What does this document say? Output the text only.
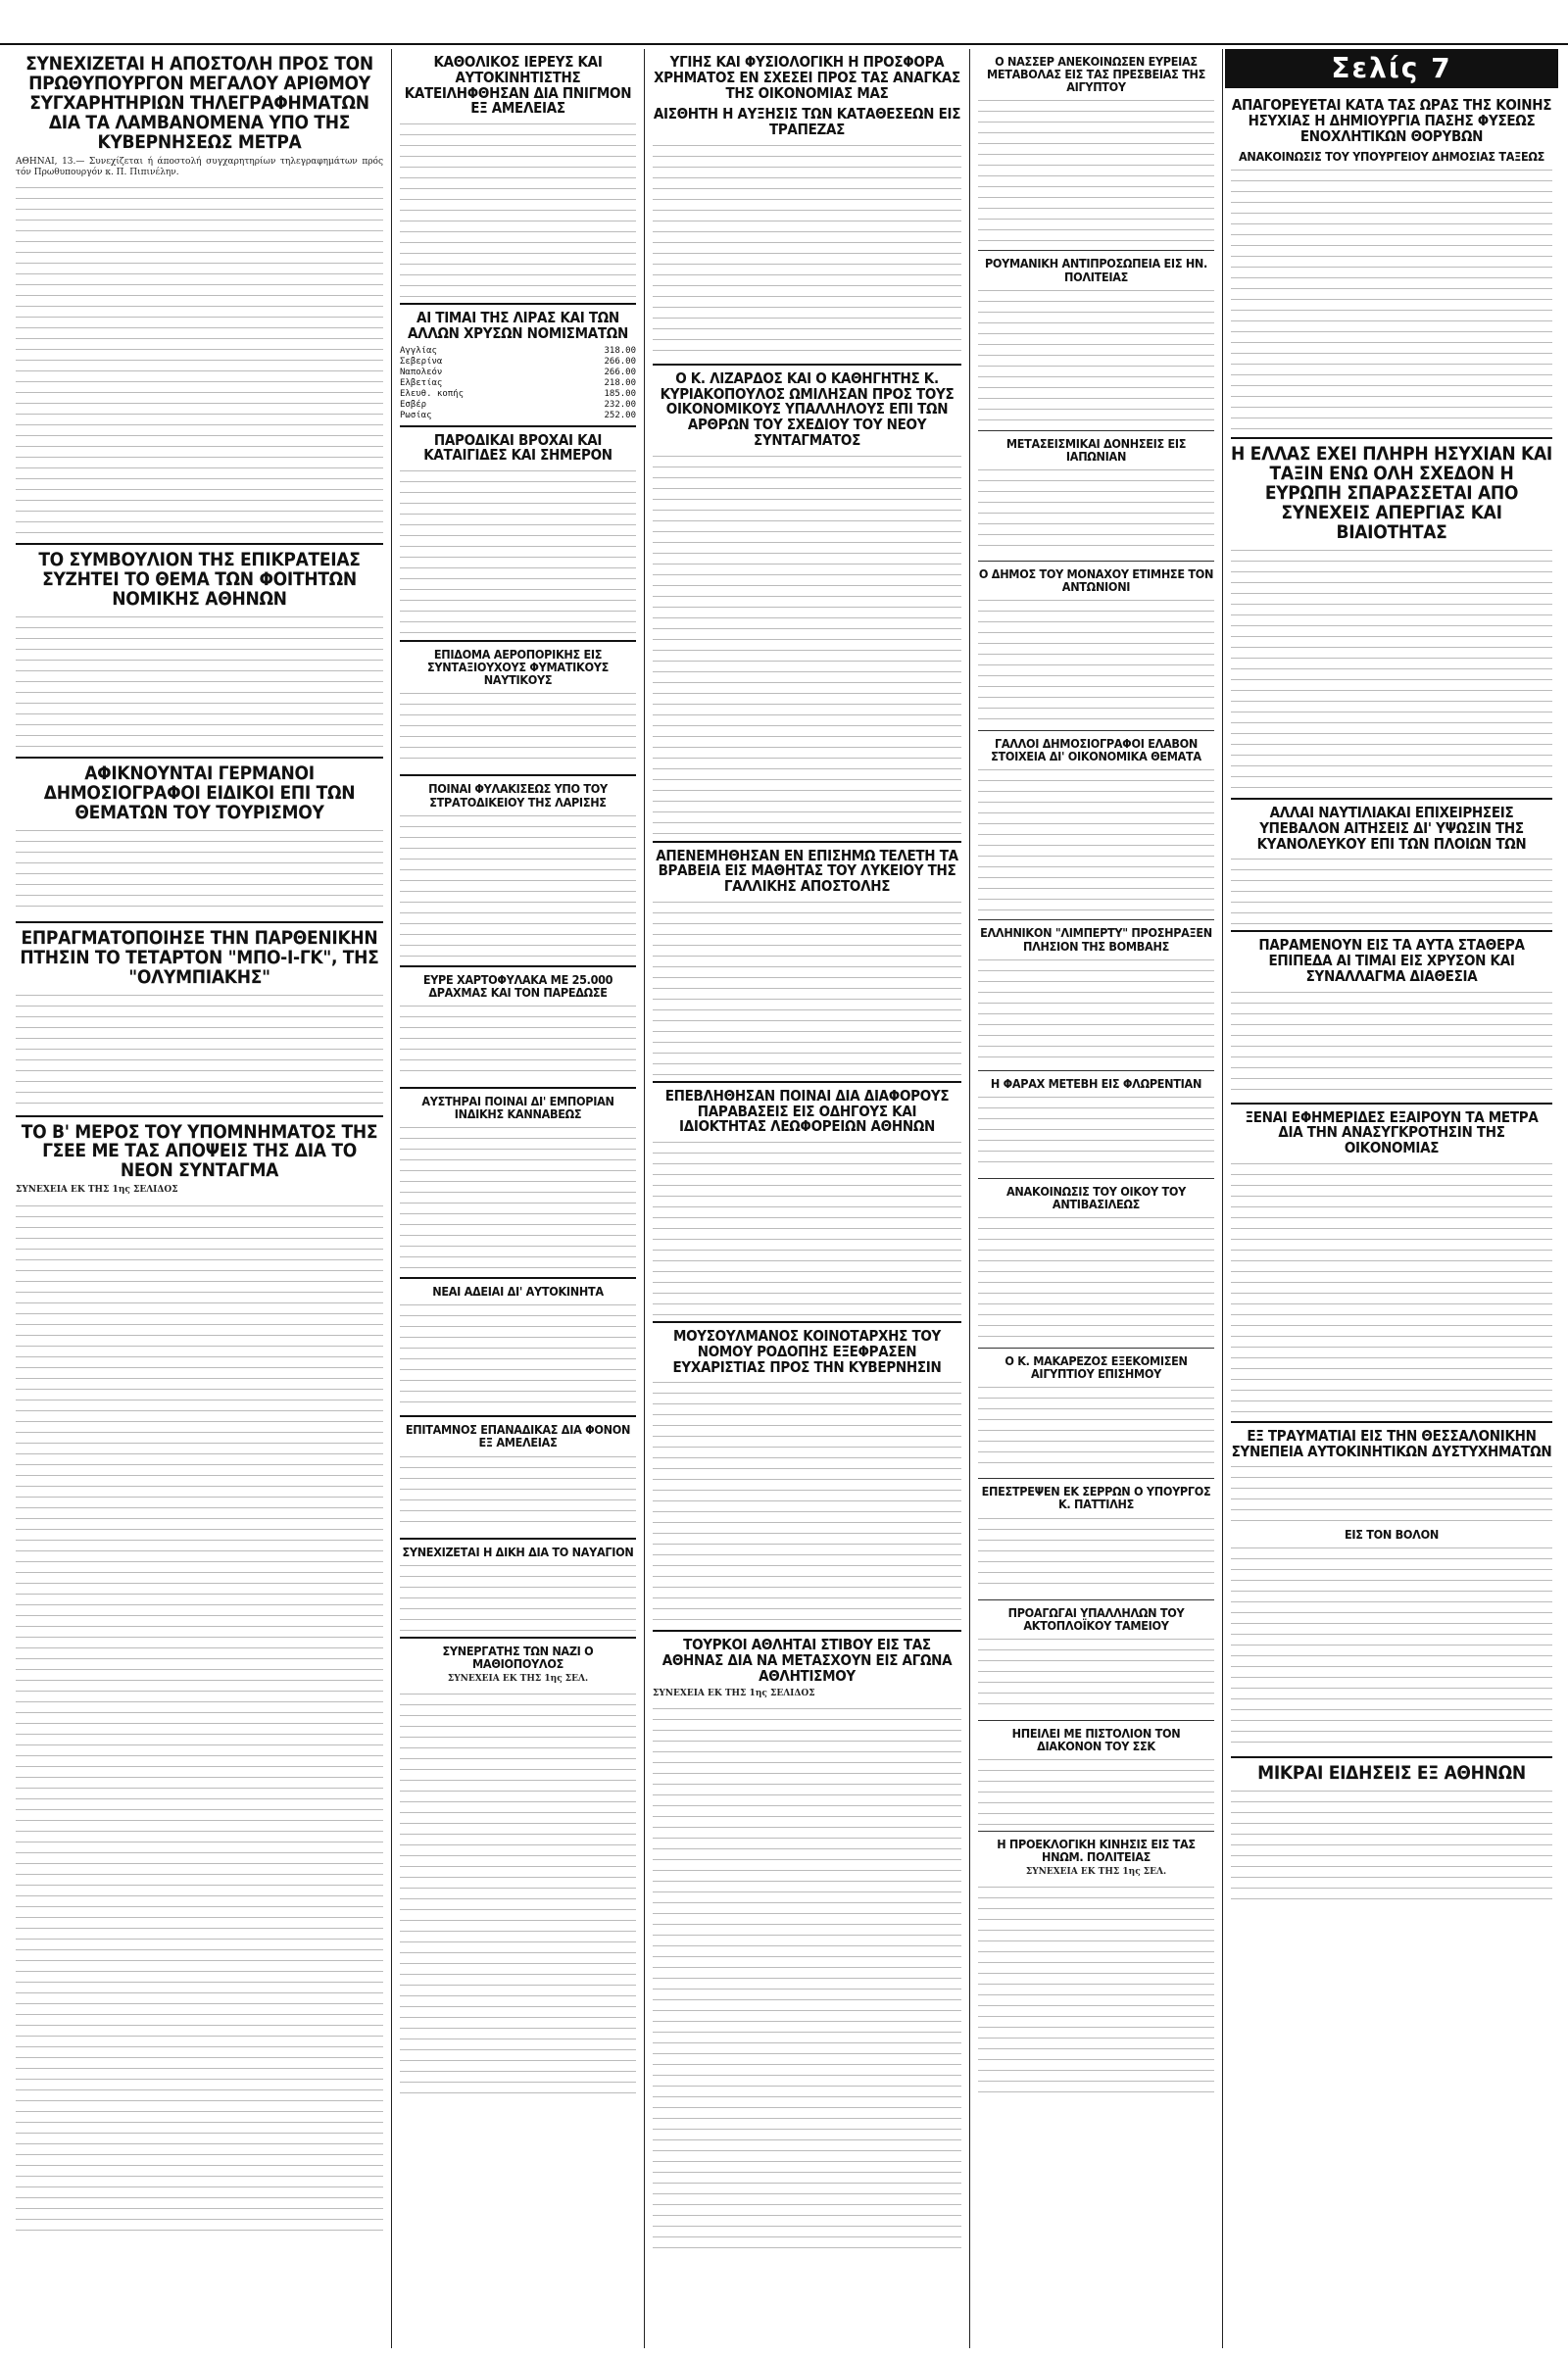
ΣΥΝΕΧΙΖΕΤΑΙ Η ΑΠΟΣΤΟΛΗ ΠΡΟΣ ΤΟΝ ΠΡΩΘΥΠΟΥΡΓΟΝ ΜΕΓΑΛΟΥ ΑΡΙΘΜΟΥ ΣΥΓΧΑΡΗΤΗΡΙΩΝ ΤΗΛΕΓΡΑΦΗΜΑΤΩΝ ΔΙΑ ΤΑ ΛΑΜΒΑΝΟΜΕΝΑ ΥΠΟ ΤΗΣ ΚΥΒΕΡΝΗΣΕΩΣ ΜΕΤΡΑ
ΑΘΗΝΑΙ, 13.— Συνεχίζεται ή άποστολή συγχαρητηρίων τηλεγραφημάτων πρός τόν Πρωθυπουργόν κ. Π. Πιπινέλην.
ΤΟ ΣΥΜΒΟΥΛΙΟΝ ΤΗΣ ΕΠΙΚΡΑΤΕΙΑΣ ΣΥΖΗΤΕΙ ΤΟ ΘΕΜΑ ΤΩΝ ΦΟΙΤΗΤΩΝ ΝΟΜΙΚΗΣ ΑΘΗΝΩΝ
ΑΦΙΚΝΟΥΝΤΑΙ ΓΕΡΜΑΝΟΙ ΔΗΜΟΣΙΟΓΡΑΦΟΙ ΕΙΔΙΚΟΙ ΕΠΙ ΤΩΝ ΘΕΜΑΤΩΝ ΤΟΥ ΤΟΥΡΙΣΜΟΥ
ΕΠΡΑΓΜΑΤΟΠΟΙΗΣΕ ΤΗΝ ΠΑΡΘΕΝΙΚΗΝ ΠΤΗΣΙΝ ΤΟ ΤΕΤΑΡΤΟΝ "ΜΠΟ-Ι-ΓΚ", ΤΗΣ "ΟΛΥΜΠΙΑΚΗΣ"
ΤΟ Β' ΜΕΡΟΣ ΤΟΥ ΥΠΟΜΝΗΜΑΤΟΣ ΤΗΣ ΓΣΕΕ ΜΕ ΤΑΣ ΑΠΟΨΕΙΣ ΤΗΣ ΔΙΑ ΤΟ ΝΕΟΝ ΣΥΝΤΑΓΜΑ
ΣΥΝΕΧΕΙΑ ΕΚ ΤΗΣ 1ης ΣΕΛΙΔΟΣ
ΚΑΘΟΛΙΚΟΣ ΙΕΡΕΥΣ ΚΑΙ ΑΥΤΟΚΙΝΗΤΙΣΤΗΣ ΚΑΤΕΙΛΗΦΘΗΣΑΝ ΔΙΑ ΠΝΙΓΜΟΝ ΕΞ ΑΜΕΛΕΙΑΣ
ΑΙ ΤΙΜΑΙ ΤΗΣ ΛΙΡΑΣ ΚΑΙ ΤΩΝ ΑΛΛΩΝ ΧΡΥΣΩΝ ΝΟΜΙΣΜΑΤΩΝ
Αγγλίας	318.00
Σεβερίνα	266.00
Ναπολεόν	266.00
Ελβετίας	218.00
Ελευθ. κοπής	185.00
Εσβέρ	232.00
Ρωσίας	252.00
ΠΑΡΟΔΙΚΑΙ ΒΡΟΧΑΙ ΚΑΙ ΚΑΤΑΙΓΙΔΕΣ ΚΑΙ ΣΗΜΕΡΟΝ
ΕΠΙΔΟΜΑ ΑΕΡΟΠΟΡΙΚΗΣ ΕΙΣ ΣΥΝΤΑΞΙΟΥΧΟΥΣ ΦΥΜΑΤΙΚΟΥΣ ΝΑΥΤΙΚΟΥΣ
ΠΟΙΝΑΙ ΦΥΛΑΚΙΣΕΩΣ ΥΠΟ ΤΟΥ ΣΤΡΑΤΟΔΙΚΕΙΟΥ ΤΗΣ ΛΑΡΙΣΗΣ
ΕΥΡΕ ΧΑΡΤΟΦΥΛΑΚΑ ΜΕ 25.000 ΔΡΑΧΜΑΣ ΚΑΙ ΤΟΝ ΠΑΡΕΔΩΣΕ
ΑΥΣΤΗΡΑΙ ΠΟΙΝΑΙ ΔΙ' ΕΜΠΟΡΙΑΝ ΙΝΔΙΚΗΣ ΚΑΝΝΑΒΕΩΣ
ΝΕΑΙ ΑΔΕΙΑΙ ΔΙ' ΑΥΤΟΚΙΝΗΤΑ
ΕΠΙΤΑΜΝΟΣ ΕΠΑΝΑΔΙΚΑΣ ΔΙΑ ΦΟΝΟΝ ΕΞ ΑΜΕΛΕΙΑΣ
ΣΥΝΕΧΙΖΕΤΑΙ Η ΔΙΚΗ ΔΙΑ ΤΟ ΝΑΥΑΓΙΟΝ
ΣΥΝΕΡΓΑΤΗΣ ΤΩΝ ΝΑΖΙ Ο ΜΑΘΙΟΠΟΥΛΟΣ
ΣΥΝΕΧΕΙΑ ΕΚ ΤΗΣ 1ης ΣΕΛ.
ΥΓΙΗΣ ΚΑΙ ΦΥΣΙΟΛΟΓΙΚΗ Η ΠΡΟΣΦΟΡΑ ΧΡΗΜΑΤΟΣ ΕΝ ΣΧΕΣΕΙ ΠΡΟΣ ΤΑΣ ΑΝΑΓΚΑΣ ΤΗΣ ΟΙΚΟΝΟΜΙΑΣ ΜΑΣ
ΑΙΣΘΗΤΗ Η ΑΥΞΗΣΙΣ ΤΩΝ ΚΑΤΑΘΕΣΕΩΝ ΕΙΣ ΤΡΑΠΕΖΑΣ
Ο Κ. ΛΙΖΑΡΔΟΣ ΚΑΙ Ο ΚΑΘΗΓΗΤΗΣ Κ. ΚΥΡΙΑΚΟΠΟΥΛΟΣ ΩΜΙΛΗΣΑΝ ΠΡΟΣ ΤΟΥΣ ΟΙΚΟΝΟΜΙΚΟΥΣ ΥΠΑΛΛΗΛΟΥΣ ΕΠΙ ΤΩΝ ΑΡΘΡΩΝ ΤΟΥ ΣΧΕΔΙΟΥ ΤΟΥ ΝΕΟΥ ΣΥΝΤΑΓΜΑΤΟΣ
ΑΠΕΝΕΜΗΘΗΣΑΝ ΕΝ ΕΠΙΣΗΜΩ ΤΕΛΕΤΗ ΤΑ ΒΡΑΒΕΙΑ ΕΙΣ ΜΑΘΗΤΑΣ ΤΟΥ ΛΥΚΕΙΟΥ ΤΗΣ ΓΑΛΛΙΚΗΣ ΑΠΟΣΤΟΛΗΣ
ΕΠΕΒΛΗΘΗΣΑΝ ΠΟΙΝΑΙ ΔΙΑ ΔΙΑΦΟΡΟΥΣ ΠΑΡΑΒΑΣΕΙΣ ΕΙΣ ΟΔΗΓΟΥΣ ΚΑΙ ΙΔΙΟΚΤΗΤΑΣ ΛΕΩΦΟΡΕΙΩΝ ΑΘΗΝΩΝ
ΜΟΥΣΟΥΛΜΑΝΟΣ ΚΟΙΝΟΤΑΡΧΗΣ ΤΟΥ ΝΟΜΟΥ ΡΟΔΟΠΗΣ ΕΞΕΦΡΑΣΕΝ ΕΥΧΑΡΙΣΤΙΑΣ ΠΡΟΣ ΤΗΝ ΚΥΒΕΡΝΗΣΙΝ
ΤΟΥΡΚΟΙ ΑΘΛΗΤΑΙ ΣΤΙΒΟΥ ΕΙΣ ΤΑΣ ΑΘΗΝΑΣ ΔΙΑ ΝΑ ΜΕΤΑΣΧΟΥΝ ΕΙΣ ΑΓΩΝΑ ΑΘΛΗΤΙΣΜΟΥ
ΣΥΝΕΧΕΙΑ ΕΚ ΤΗΣ 1ης ΣΕΛΙΔΟΣ
Ο ΝΑΣΣΕΡ ΑΝΕΚΟΙΝΩΣΕΝ ΕΥΡΕΙΑΣ ΜΕΤΑΒΟΛΑΣ ΕΙΣ ΤΑΣ ΠΡΕΣΒΕΙΑΣ ΤΗΣ ΑΙΓΥΠΤΟΥ
ΡΟΥΜΑΝΙΚΗ ΑΝΤΙΠΡΟΣΩΠΕΙΑ ΕΙΣ ΗΝ. ΠΟΛΙΤΕΙΑΣ
ΜΕΤΑΣΕΙΣΜΙΚΑΙ ΔΟΝΗΣΕΙΣ ΕΙΣ ΙΑΠΩΝΙΑΝ
Ο ΔΗΜΟΣ ΤΟΥ ΜΟΝΑΧΟΥ ΕΤΙΜΗΣΕ ΤΟΝ ΑΝΤΩΝΙΟΝΙ
ΓΑΛΛΟΙ ΔΗΜΟΣΙΟΓΡΑΦΟΙ ΕΛΑΒΟΝ ΣΤΟΙΧΕΙΑ ΔΙ' ΟΙΚΟΝΟΜΙΚΑ ΘΕΜΑΤΑ
ΕΛΛΗΝΙΚΟΝ "ΛΙΜΠΕΡΤΥ" ΠΡΟΣΗΡΑΞΕΝ ΠΛΗΣΙΟΝ ΤΗΣ ΒΟΜΒΑΗΣ
Η ΦΑΡΑΧ ΜΕΤΕΒΗ ΕΙΣ ΦΛΩΡΕΝΤΙΑΝ
ΑΝΑΚΟΙΝΩΣΙΣ ΤΟΥ ΟΙΚΟΥ ΤΟΥ ΑΝΤΙΒΑΣΙΛΕΩΣ
Ο Κ. ΜΑΚΑΡΕΖΟΣ ΕΞΕΚΟΜΙΣΕΝ ΑΙΓΥΠΤΙΟΥ ΕΠΙΣΗΜΟΥ
ΕΠΕΣΤΡΕΨΕΝ ΕΚ ΣΕΡΡΩΝ Ο ΥΠΟΥΡΓΟΣ Κ. ΠΑΤΤΙΛΗΣ
ΠΡΟΑΓΩΓΑΙ ΥΠΑΛΛΗΛΩΝ ΤΟΥ ΑΚΤΟΠΛΟΪΚΟΥ ΤΑΜΕΙΟΥ
ΗΠΕΙΛΕΙ ΜΕ ΠΙΣΤΟΛΙΟΝ ΤΟΝ ΔΙΑΚΟΝΟΝ ΤΟΥ ΣΣΚ
Η ΠΡΟΕΚΛΟΓΙΚΗ ΚΙΝΗΣΙΣ ΕΙΣ ΤΑΣ ΗΝΩΜ. ΠΟΛΙΤΕΙΑΣ
ΣΥΝΕΧΕΙΑ ΕΚ ΤΗΣ 1ης ΣΕΛ.
ΑΠΑΓΟΡΕΥΕΤΑΙ ΚΑΤΑ ΤΑΣ ΩΡΑΣ ΤΗΣ ΚΟΙΝΗΣ ΗΣΥΧΙΑΣ Η ΔΗΜΙΟΥΡΓΙΑ ΠΑΣΗΣ ΦΥΣΕΩΣ ΕΝΟΧΛΗΤΙΚΩΝ ΘΟΡΥΒΩΝ
ΑΝΑΚΟΙΝΩΣΙΣ ΤΟΥ ΥΠΟΥΡΓΕΙΟΥ ΔΗΜΟΣΙΑΣ ΤΑΞΕΩΣ
Η ΕΛΛΑΣ ΕΧΕΙ ΠΛΗΡΗ ΗΣΥΧΙΑΝ ΚΑΙ ΤΑΞΙΝ ΕΝΩ ΟΛΗ ΣΧΕΔΟΝ Η ΕΥΡΩΠΗ ΣΠΑΡΑΣΣΕΤΑΙ ΑΠΟ ΣΥΝΕΧΕΙΣ ΑΠΕΡΓΙΑΣ ΚΑΙ ΒΙΑΙΟΤΗΤΑΣ
ΑΛΛΑΙ ΝΑΥΤΙΛΙΑΚΑΙ ΕΠΙΧΕΙΡΗΣΕΙΣ ΥΠΕΒΑΛΟΝ ΑΙΤΗΣΕΙΣ ΔΙ' ΥΨΩΣΙΝ ΤΗΣ ΚΥΑΝΟΛΕΥΚΟΥ ΕΠΙ ΤΩΝ ΠΛΟΙΩΝ ΤΩΝ
ΠΑΡΑΜΕΝΟΥΝ ΕΙΣ ΤΑ ΑΥΤΑ ΣΤΑΘΕΡΑ ΕΠΙΠΕΔΑ ΑΙ ΤΙΜΑΙ ΕΙΣ ΧΡΥΣΟΝ ΚΑΙ ΣΥΝΑΛΛΑΓΜΑ ΔΙΑΘΕΣΙΑ
ΞΕΝΑΙ ΕΦΗΜΕΡΙΔΕΣ ΕΞΑΙΡΟΥΝ ΤΑ ΜΕΤΡΑ ΔΙΑ ΤΗΝ ΑΝΑΣΥΓΚΡΟΤΗΣΙΝ ΤΗΣ ΟΙΚΟΝΟΜΙΑΣ
ΕΞ ΤΡΑΥΜΑΤΙΑΙ ΕΙΣ ΤΗΝ ΘΕΣΣΑΛΟΝΙΚΗΝ ΣΥΝΕΠΕΙΑ ΑΥΤΟΚΙΝΗΤΙΚΩΝ ΔΥΣΤΥΧΗΜΑΤΩΝ
ΕΙΣ ΤΟΝ ΒΟΛΟΝ
ΜΙΚΡΑΙ ΕΙΔΗΣΕΙΣ ΕΞ ΑΘΗΝΩΝ
Σελίς 7
